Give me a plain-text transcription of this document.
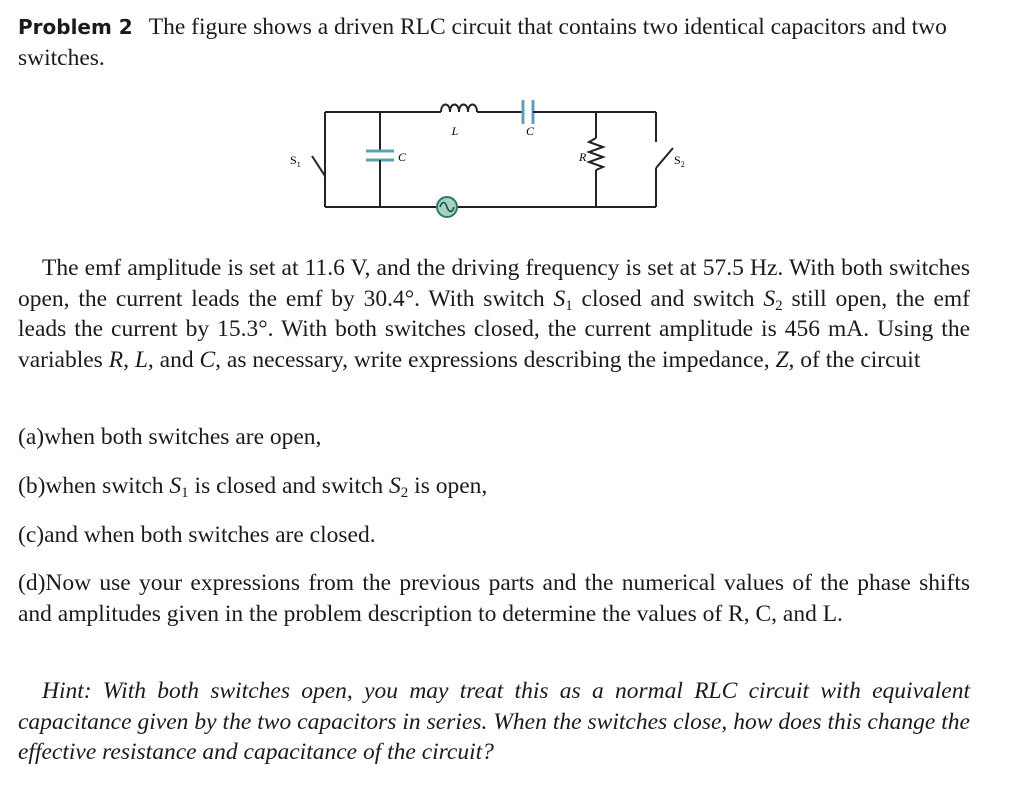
Problem 2 The figure shows a driven RLC circuit that contains two identical capacitors and two switches.
L	C
C	R
$S_1$	$S_2$

The emf amplitude is set at 11.6 V, and the driving frequency is set at 57.5 Hz. With both switches open, the current leads the emf by 30.4°. With switch $S_1$ closed and switch $S_2$ still open, the emf leads the current by 15.3°. With both switches closed, the current amplitude is 456 mA. Using the variables R, L, and C, as necessary, write expressions describing the impedance, Z, of the circuit

(a)when both switches are open,

(b)when switch $S_1$ is closed and switch $S_2$ is open,

(c)and when both switches are closed.

(d)Now use your expressions from the previous parts and the numerical values of the phase shifts and amplitudes given in the problem description to determine the values of R, C, and L.

Hint: With both switches open, you may treat this as a normal RLC circuit with equivalent capacitance given by the two capacitors in series. When the switches close, how does this change the effective resistance and capacitance of the circuit?
